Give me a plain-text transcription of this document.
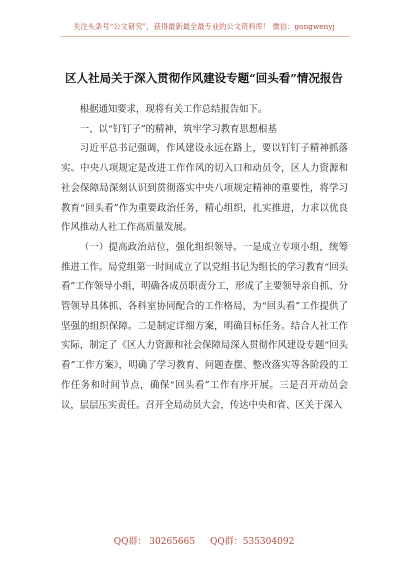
关注头条号“公文研究”，获得最新最全最专业的公文资料库！ 微信：gongwenyj
区人社局关于深入贯彻作风建设专题“回头看”情况报告

根据通知要求，现将有关工作总结报告如下。

一、以“钉钉子”的精神，筑牢学习教育思想根基

习近平总书记强调，作风建设永远在路上，要以钉钉子精神抓落实。中央八项规定是改进工作作风的切入口和动员令，区人力资源和社会保障局深刻认识到贯彻落实中央八项规定精神的重要性，将学习教育“回头看”作为重要政治任务，精心组织，扎实推进，力求以优良作风推动人社工作高质量发展。

（一）提高政治站位，强化组织领导。一是成立专项小组，统筹推进工作。局党组第一时间成立了以党组书记为组长的学习教育“回头看”工作领导小组，明确各成员职责分工，形成了主要领导亲自抓、分管领导具体抓、各科室协同配合的工作格局，为“回头看”工作提供了坚强的组织保障。二是制定详细方案，明确目标任务。结合人社工作实际，制定了《区人力资源和社会保障局深入贯彻作风建设专题“回头看”工作方案》，明确了学习教育、问题查摆、整改落实等各阶段的工作任务和时间节点，确保“回头看”工作有序开展。三是召开动员会议，层层压实责任。召开全局动员大会，传达中央和省、区关于深入

QQ群： 30265665 QQ群：535304092
